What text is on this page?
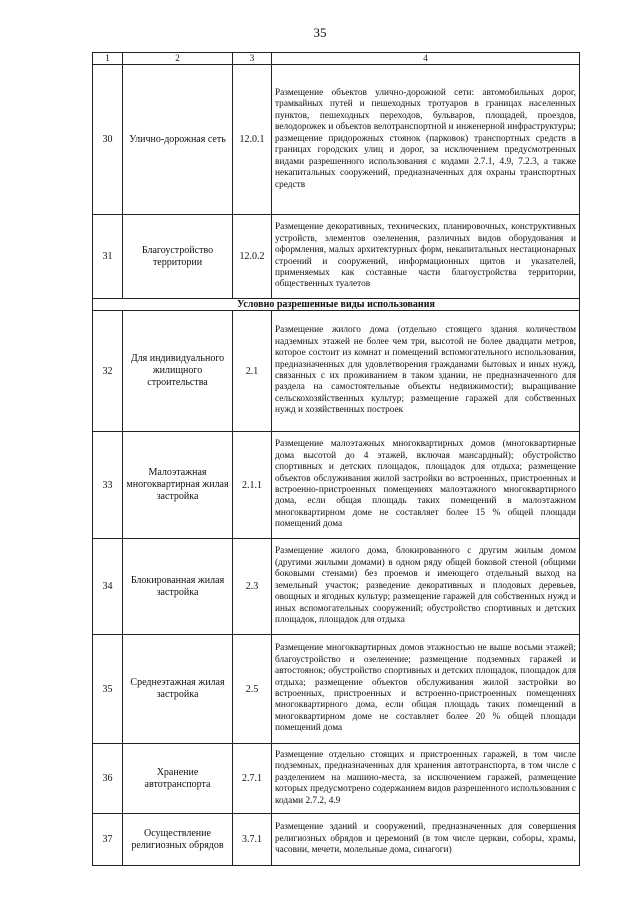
35
1	2	3	4
30	Улично-дорожная сеть	12.0.1	Размещение объектов улично-дорожной сети: автомобильных дорог, трамвайных путей и пешеходных тротуаров в границах населенных пунктов, пешеходных переходов, бульваров, площадей, проездов, велодорожек и объектов велотранспортной и инженерной инфраструктуры; размещение придорожных стоянок (парковок) транспортных средств в границах городских улиц и дорог, за исключением предусмотренных видами разрешенного использования с кодами 2.7.1, 4.9, 7.2.3, а также некапитальных сооружений, предназначенных для охраны транспортных средств
31	Благоустройство территории	12.0.2	Размещение декоративных, технических, планировочных, конструктивных устройств, элементов озеленения, различных видов оборудования и оформления, малых архитектурных форм, некапитальных нестационарных строений и сооружений, информационных щитов и указателей, применяемых как составные части благоустройства территории, общественных туалетов
Условно разрешенные виды использования			
32	Для индивидуального жилищного строительства	2.1	Размещение жилого дома (отдельно стоящего здания количеством надземных этажей не более чем три, высотой не более двадцати метров, которое состоит из комнат и помещений вспомогательного использования, предназначенных для удовлетворения гражданами бытовых и иных нужд, связанных с их проживанием в таком здании, не предназначенного для раздела на самостоятельные объекты недвижимости); выращивание сельскохозяйственных культур; размещение гаражей для собственных нужд и хозяйственных построек
33	Малоэтажная многоквартирная жилая застройка	2.1.1	Размещение малоэтажных многоквартирных домов (многоквартирные дома высотой до 4 этажей, включая мансардный); обустройство спортивных и детских площадок, площадок для отдыха; размещение объектов обслуживания жилой застройки во встроенных, пристроенных и встроенно-пристроенных помещениях малоэтажного многоквартирного дома, если общая площадь таких помещений в малоэтажном многоквартирном доме не составляет более 15 % общей площади помещений дома
34	Блокированная жилая застройка	2.3	Размещение жилого дома, блокированного с другим жилым домом (другими жилыми домами) в одном ряду общей боковой стеной (общими боковыми стенами) без проемов и имеющего отдельный выход на земельный участок; разведение декоративных и плодовых деревьев, овощных и ягодных культур; размещение гаражей для собственных нужд и иных вспомогательных сооружений; обустройство спортивных и детских площадок, площадок для отдыха
35	Среднеэтажная жилая застройка	2.5	Размещение многоквартирных домов этажностью не выше восьми этажей; благоустройство и озеленение; размещение подземных гаражей и автостоянок; обустройство спортивных и детских площадок, площадок для отдыха; размещение объектов обслуживания жилой застройки во встроенных, пристроенных и встроенно-пристроенных помещениях многоквартирного дома, если общая площадь таких помещений в многоквартирном доме не составляет более 20 % общей площади помещений дома
36	Хранение автотранспорта	2.7.1	Размещение отдельно стоящих и пристроенных гаражей, в том числе подземных, предназначенных для хранения автотранспорта, в том числе с разделением на машино-места, за исключением гаражей, размещение которых предусмотрено содержанием видов разрешенного использования с кодами 2.7.2, 4.9
37	Осуществление религиозных обрядов	3.7.1	Размещение зданий и сооружений, предназначенных для совершения религиозных обрядов и церемоний (в том числе церкви, соборы, храмы, часовни, мечети, молельные дома, синагоги)
